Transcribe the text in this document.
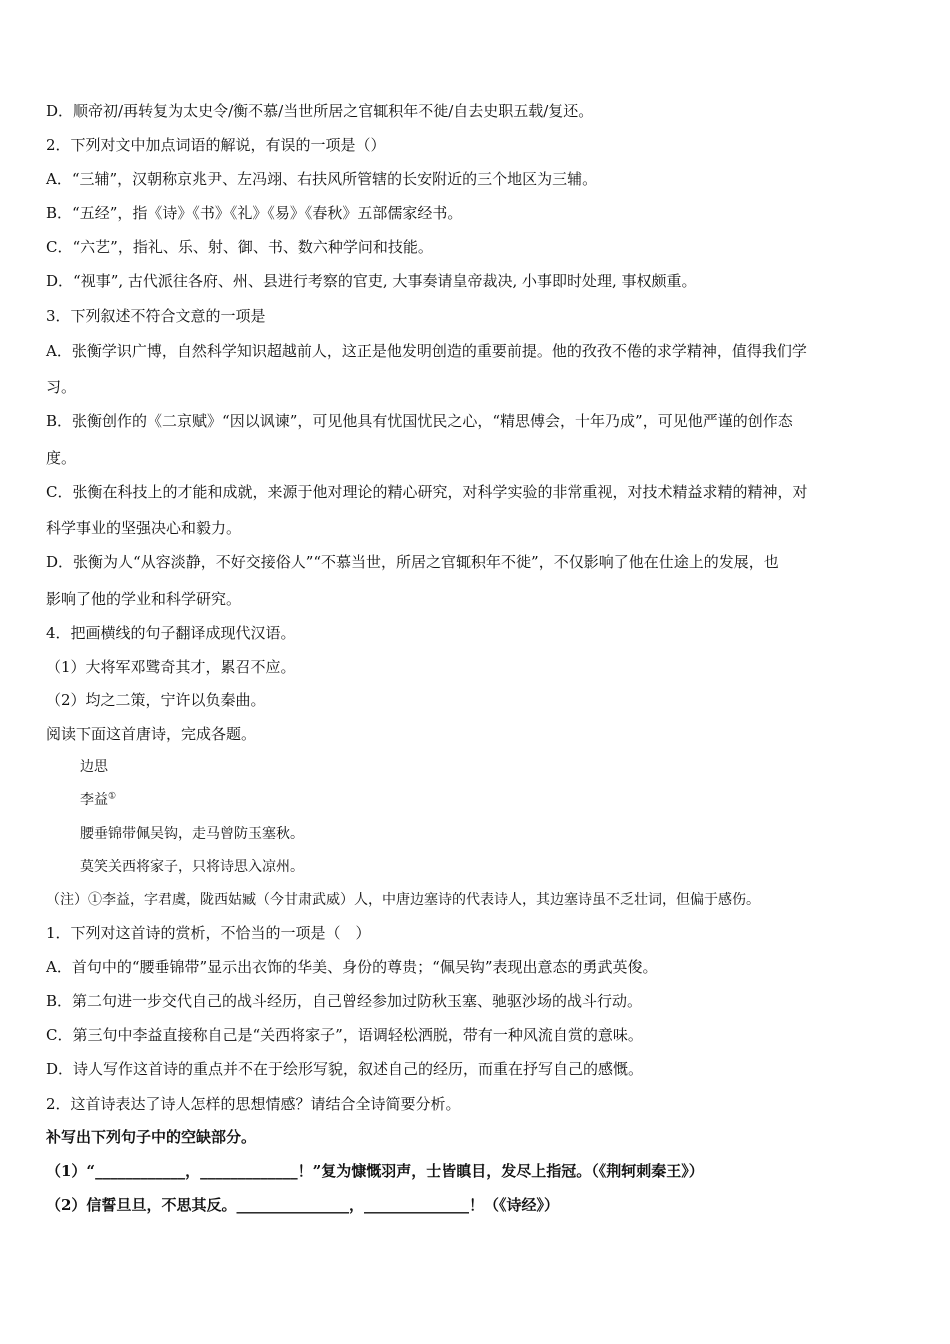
D．顺帝初/再转复为太史令/衡不慕/当世所居之官辄积年不徙/自去史职五载/复还。
2．下列对文中加点词语的解说，有误的一项是（）
A．“三辅”，汉朝称京兆尹、左冯翊、右扶风所管辖的长安附近的三个地区为三辅。
B．“五经”，指《诗》《书》《礼》《易》《春秋》五部儒家经书。
C．“六艺”，指礼、乐、射、御、书、数六种学问和技能。
D．“视事”, 古代派往各府、州、县进行考察的官吏, 大事奏请皇帝裁决, 小事即时处理, 事权颇重。
3．下列叙述不符合文意的一项是
A．张衡学识广博，自然科学知识超越前人，这正是他发明创造的重要前提。他的孜孜不倦的求学精神，值得我们学
习。
B．张衡创作的《二京赋》“因以讽谏”，可见他具有忧国忧民之心，“精思傅会，十年乃成”，可见他严谨的创作态
度。
C．张衡在科技上的才能和成就，来源于他对理论的精心研究，对科学实验的非常重视，对技术精益求精的精神，对
科学事业的坚强决心和毅力。
D．张衡为人“从容淡静，不好交接俗人”“不慕当世，所居之官辄积年不徙”，不仅影响了他在仕途上的发展，也
影响了他的学业和科学研究。
4．把画横线的句子翻译成现代汉语。
（1）大将军邓骘奇其才，累召不应。
（2）均之二策，宁许以负秦曲。
阅读下面这首唐诗，完成各题。
边思
李益①
腰垂锦带佩吴钩，走马曾防玉塞秋。
莫笑关西将家子，只将诗思入凉州。
（注）①李益，字君虞，陇西姑臧（今甘肃武威）人，中唐边塞诗的代表诗人，其边塞诗虽不乏壮词，但偏于感伤。
1．下列对这首诗的赏析，不恰当的一项是（　）
A．首句中的“腰垂锦带”显示出衣饰的华美、身份的尊贵；“佩吴钩”表现出意态的勇武英俊。
B．第二句进一步交代自己的战斗经历，自己曾经参加过防秋玉塞、驰驱沙场的战斗行动。
C．第三句中李益直接称自己是“关西将家子”，语调轻松洒脱，带有一种风流自赏的意味。
D．诗人写作这首诗的重点并不在于绘形写貌，叙述自己的经历，而重在抒写自己的感慨。
2．这首诗表达了诗人怎样的思想情感？请结合全诗简要分析。
补写出下列句子中的空缺部分。
（1）“____________，_____________！”复为慷慨羽声，士皆瞋目，发尽上指冠。（《荆轲刺秦王》）
（2）信誓旦旦，不思其反。_______________，______________！（《诗经》）
